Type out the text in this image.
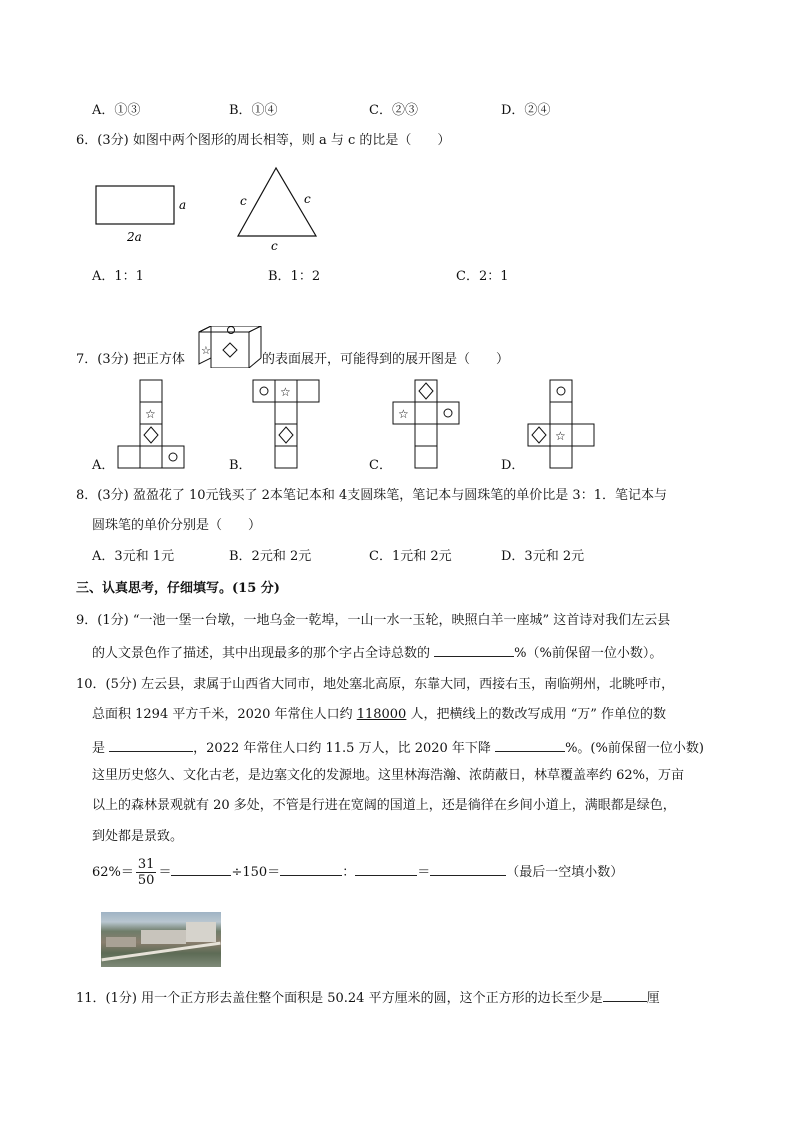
A．①③	B．①④	C．②③	D．②④
6．(3分) 如图中两个图形的周长相等，则 a 与 c 的比是（　　）
a
2a
c	c
c
A．1：1	B．1：2	C．2：1
☆
7．(3分) 把正方体	的表面展开，可能得到的展开图是（　　）
☆
☆
☆
☆
A．	B．	C．	D．
8．(3分) 盈盈花了 10元钱买了 2本笔记本和 4支圆珠笔，笔记本与圆珠笔的单价比是 3：1．笔记本与
圆珠笔的单价分别是（　　）
A．3元和 1元	B．2元和 2元	C．1元和 2元	D．3元和 2元
三、认真思考，仔细填写。(15 分)
9．(1分) “一池一堡一台墩，一地乌金一乾埠，一山一水一玉轮，映照白羊一座城” 这首诗对我们左云县
的人文景色作了描述，其中出现最多的那个字占全诗总数的	%（%前保留一位小数）。
10．(5分) 左云县，隶属于山西省大同市，地处塞北高原，东靠大同，西接右玉，南临朔州，北眺呼市，
总面积 1294 平方千米，2020 年常住人口约 118000 人，把横线上的数改写成用 “万” 作单位的数
是	，2022 年常住人口约 11.5 万人，比 2020 年下降	%。(%前保留一位小数)
这里历史悠久、文化古老，是边塞文化的发源地。这里林海浩瀚、浓荫蔽日，林草覆盖率约 62%，万亩
以上的森林景观就有 20 多处，不管是行进在宽阔的国道上，还是徜徉在乡间小道上，满眼都是绿色，
到处都是景致。
$62\%= \frac{31}{50}$ ＝	÷150＝	：	＝	（最后一空填小数）
11．(1分) 用一个正方形去盖住整个面积是 50.24 平方厘米的圆，这个正方形的边长至少是	厘
